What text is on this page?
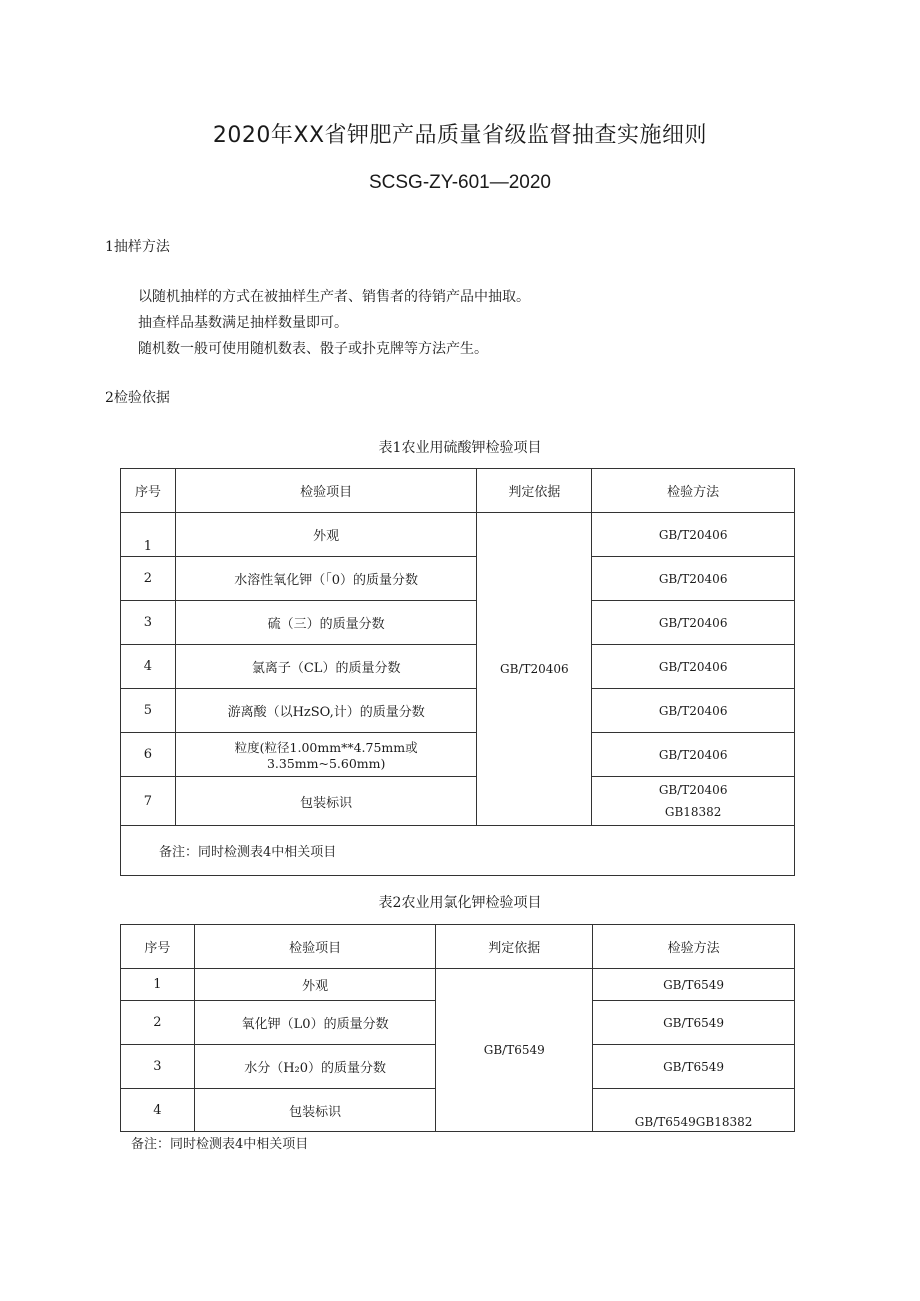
2020年XX省钾肥产品质量省级监督抽查实施细则
SCSG-ZY-601—2020
1抽样方法
以随机抽样的方式在被抽样生产者、销售者的待销产品中抽取。
抽查样品基数满足抽样数量即可。
随机数一般可使用随机数表、骰子或扑克牌等方法产生。
2检验依据
表1农业用硫酸钾检验项目
序号	检验项目	判定依据	检验方法
1	外观	GB/T20406	GB/T20406
2	水溶性氧化钾（「0）的质量分数		GB/T20406
3	硫（三）的质量分数		GB/T20406
4	氯离子（CL）的质量分数		GB/T20406
5	游离酸（以HzSO,计）的质量分数		GB/T20406
6	粒度(粒径1.00mm**4.75mm或3.35mm~5.60mm)		GB/T20406
7	包装标识		GB/T20406
GB18382

备注：同时检测表4中相关项目			
表2农业用氯化钾检验项目
序号	检验项目	判定依据	检验方法
1	外观	GB/T6549	GB/T6549
2	氧化钾（L0）的质量分数		GB/T6549
3	水分（H₂0）的质量分数		GB/T6549
4	包装标识		GB/T6549GB18382
备注：同时检测表4中相关项目
